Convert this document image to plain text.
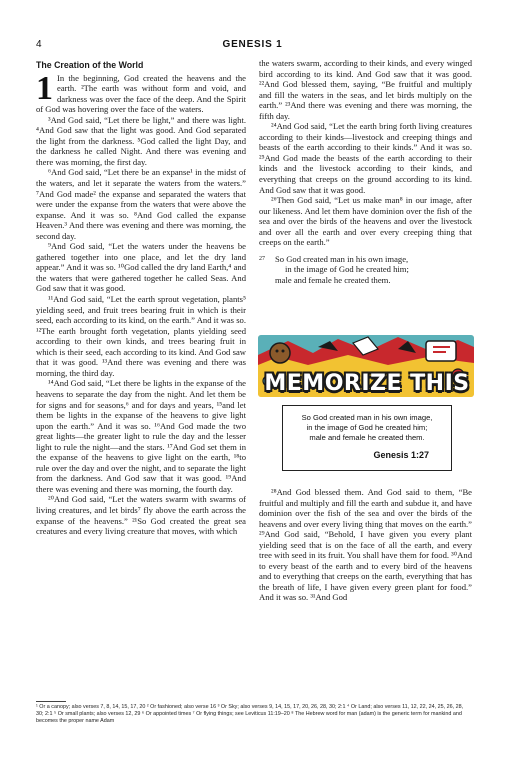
4	GENESIS 1
The Creation of the World

1 In the beginning, God created the heavens and the earth. ²The earth was without form and void, and darkness was over the face of the deep. And the Spirit of God was hovering over the face of the waters.

³And God said, “Let there be light,” and there was light. ⁴And God saw that the light was good. And God separated the light from the darkness. ⁵God called the light Day, and the darkness he called Night. And there was evening and there was morning, the first day.

⁶And God said, “Let there be an expanse¹ in the midst of the waters, and let it separate the waters from the waters.” ⁷And God made² the expanse and separated the waters that were under the expanse from the waters that were above the expanse. And it was so. ⁸And God called the expanse Heaven.³ And there was evening and there was morning, the second day.

⁹And God said, “Let the waters under the heavens be gathered together into one place, and let the dry land appear.” And it was so. ¹⁰God called the dry land Earth,⁴ and the waters that were gathered together he called Seas. And God saw that it was good.

¹¹And God said, “Let the earth sprout vegetation, plants⁵ yielding seed, and fruit trees bearing fruit in which is their seed, each according to its kind, on the earth.” And it was so. ¹²The earth brought forth vegetation, plants yielding seed according to their own kinds, and trees bearing fruit in which is their seed, each according to its kind. And God saw that it was good. ¹³And there was evening and there was morning, the third day.

¹⁴And God said, “Let there be lights in the expanse of the heavens to separate the day from the night. And let them be for signs and for seasons,⁶ and for days and years, ¹⁵and let them be lights in the expanse of the heavens to give light upon the earth.” And it was so. ¹⁶And God made the two great lights—the greater light to rule the day and the lesser light to rule the night—and the stars. ¹⁷And God set them in the expanse of the heavens to give light on the earth, ¹⁸to rule over the day and over the night, and to separate the light from the darkness. And God saw that it was good. ¹⁹And there was evening and there was morning, the fourth day.

²⁰And God said, “Let the waters swarm with swarms of living creatures, and let birds⁷ fly above the earth across the expanse of the heavens.” ²¹So God created the great sea creatures and every living creature that moves, with which

the waters swarm, according to their kinds, and every winged bird according to its kind. And God saw that it was good. ²²And God blessed them, saying, “Be fruitful and multiply and fill the waters in the seas, and let birds multiply on the earth.” ²³And there was evening and there was morning, the fifth day.

²⁴And God said, “Let the earth bring forth living creatures according to their kinds—livestock and creeping things and beasts of the earth according to their kinds.” And it was so. ²⁵And God made the beasts of the earth according to their kinds and the livestock according to their kinds, and everything that creeps on the ground according to its kind. And God saw that it was good.

²⁶Then God said, “Let us make man⁸ in our image, after our likeness. And let them have dominion over the fish of the sea and over the birds of the heavens and over the livestock and over all the earth and over every creeping thing that creeps on the earth.”

27 So God created man in his own image,
in the image of God he created him;
male and female he created them.
MEMORIZE THIS
So God created man in his own image,
in the image of God he created him;
male and female he created them.
Genesis 1:27

²⁸And God blessed them. And God said to them, “Be fruitful and multiply and fill the earth and subdue it, and have dominion over the fish of the sea and over the birds of the heavens and over every living thing that moves on the earth.” ²⁹And God said, “Behold, I have given you every plant yielding seed that is on the face of all the earth, and every tree with seed in its fruit. You shall have them for food. ³⁰And to every beast of the earth and to every bird of the heavens and to everything that creeps on the earth, everything that has the breath of life, I have given every green plant for food.” And it was so. ³¹And God

¹ Or a canopy; also verses 7, 8, 14, 15, 17, 20 ² Or fashioned; also verse 16 ³ Or Sky; also verses 9, 14, 15, 17, 20, 26, 28, 30; 2:1 ⁴ Or Land; also verses 11, 12, 22, 24, 25, 26, 28, 30; 2:1 ⁵ Or small plants; also verses 12, 29 ⁶ Or appointed times ⁷ Or flying things; see Leviticus 11:19–20 ⁸ The Hebrew word for man (adam) is the generic term for mankind and becomes the proper name Adam
